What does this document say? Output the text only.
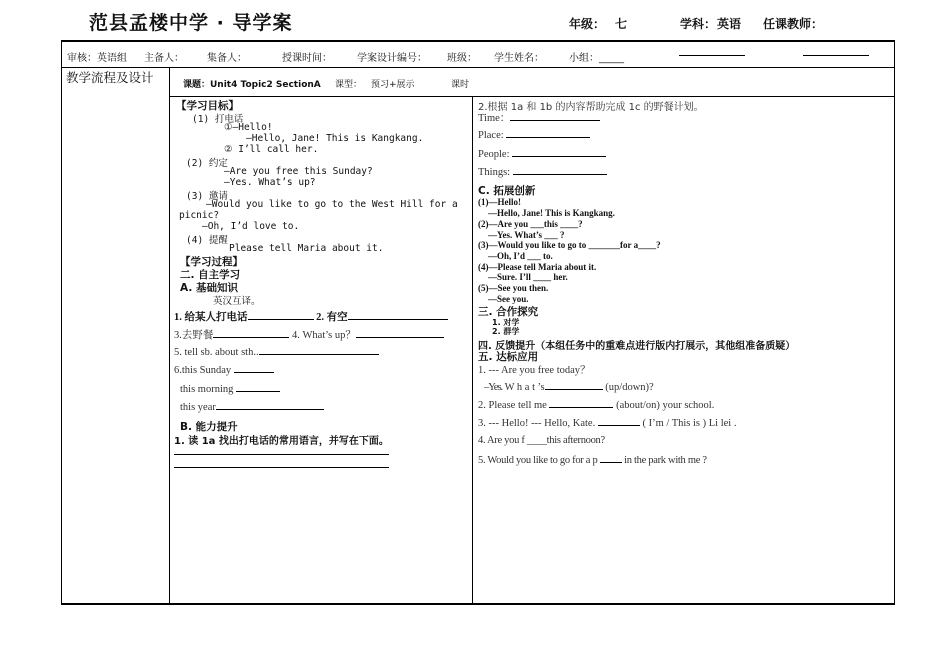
范县孟楼中学 · 导学案	年级： 七	学科： 英语 任课教师：
审核：英语组 主备人： 集备人：	授课时间：	学案设计编号： 班级： 学生姓名：	小组：_____
教学流程及设计	课题：Unit4 Topic2 SectionA 课型： 预习+展示	课时
【学习目标】
(1) 打电话
①—Hello!
—Hello, Jane! This is Kangkang.
② I’ll call her.
(2) 约定
—Are you free this Sunday?
—Yes. What’s up?
(3) 邀请
—Would you like to go to the West Hill for a
picnic?
—Oh, I’d love to.
(4) 提醒
Please tell Maria about it.
【学习过程】
二. 自主学习
A. 基础知识
英汉互译。
1. 给某人打电话	2. 有空
3.去野餐	4. What’s up？
5. tell sb. about sth..
6.this Sunday
this morning
this year
B. 能力提升
1. 读 1a 找出打电话的常用语言，并写在下面。
2.根据 1a 和 1b 的内容帮助完成 1c 的野餐计划。
Time：
Place:
People:
Things:
C. 拓展创新
(1)—Hello!
—Hello, Jane! This is Kangkang.
(2)—Are you ___this ____?
—Yes. What’s ___ ?
(3)—Would you like to go to _______for a____?
—Oh, I’d ___ to.
(4)—Please tell Maria about it.
—Sure. I’ll ____ her.
(5)—See you then.
—See you.
三. 合作探究
1. 对学
2. 群学
四. 反馈提升（本组任务中的重难点进行版内打展示，其他组准备质疑）
五. 达标应用
1. --- Are you free today？
–Yes. W h a t ’s	(up/down)?
2. Please tell me	(about/on) your school.
3. --- Hello! --- Hello, Kate.	( I’m / This is ) Li lei .
4. Are you f ____this afternoon?
5. Would you like to go for a p	in the park with me ?
